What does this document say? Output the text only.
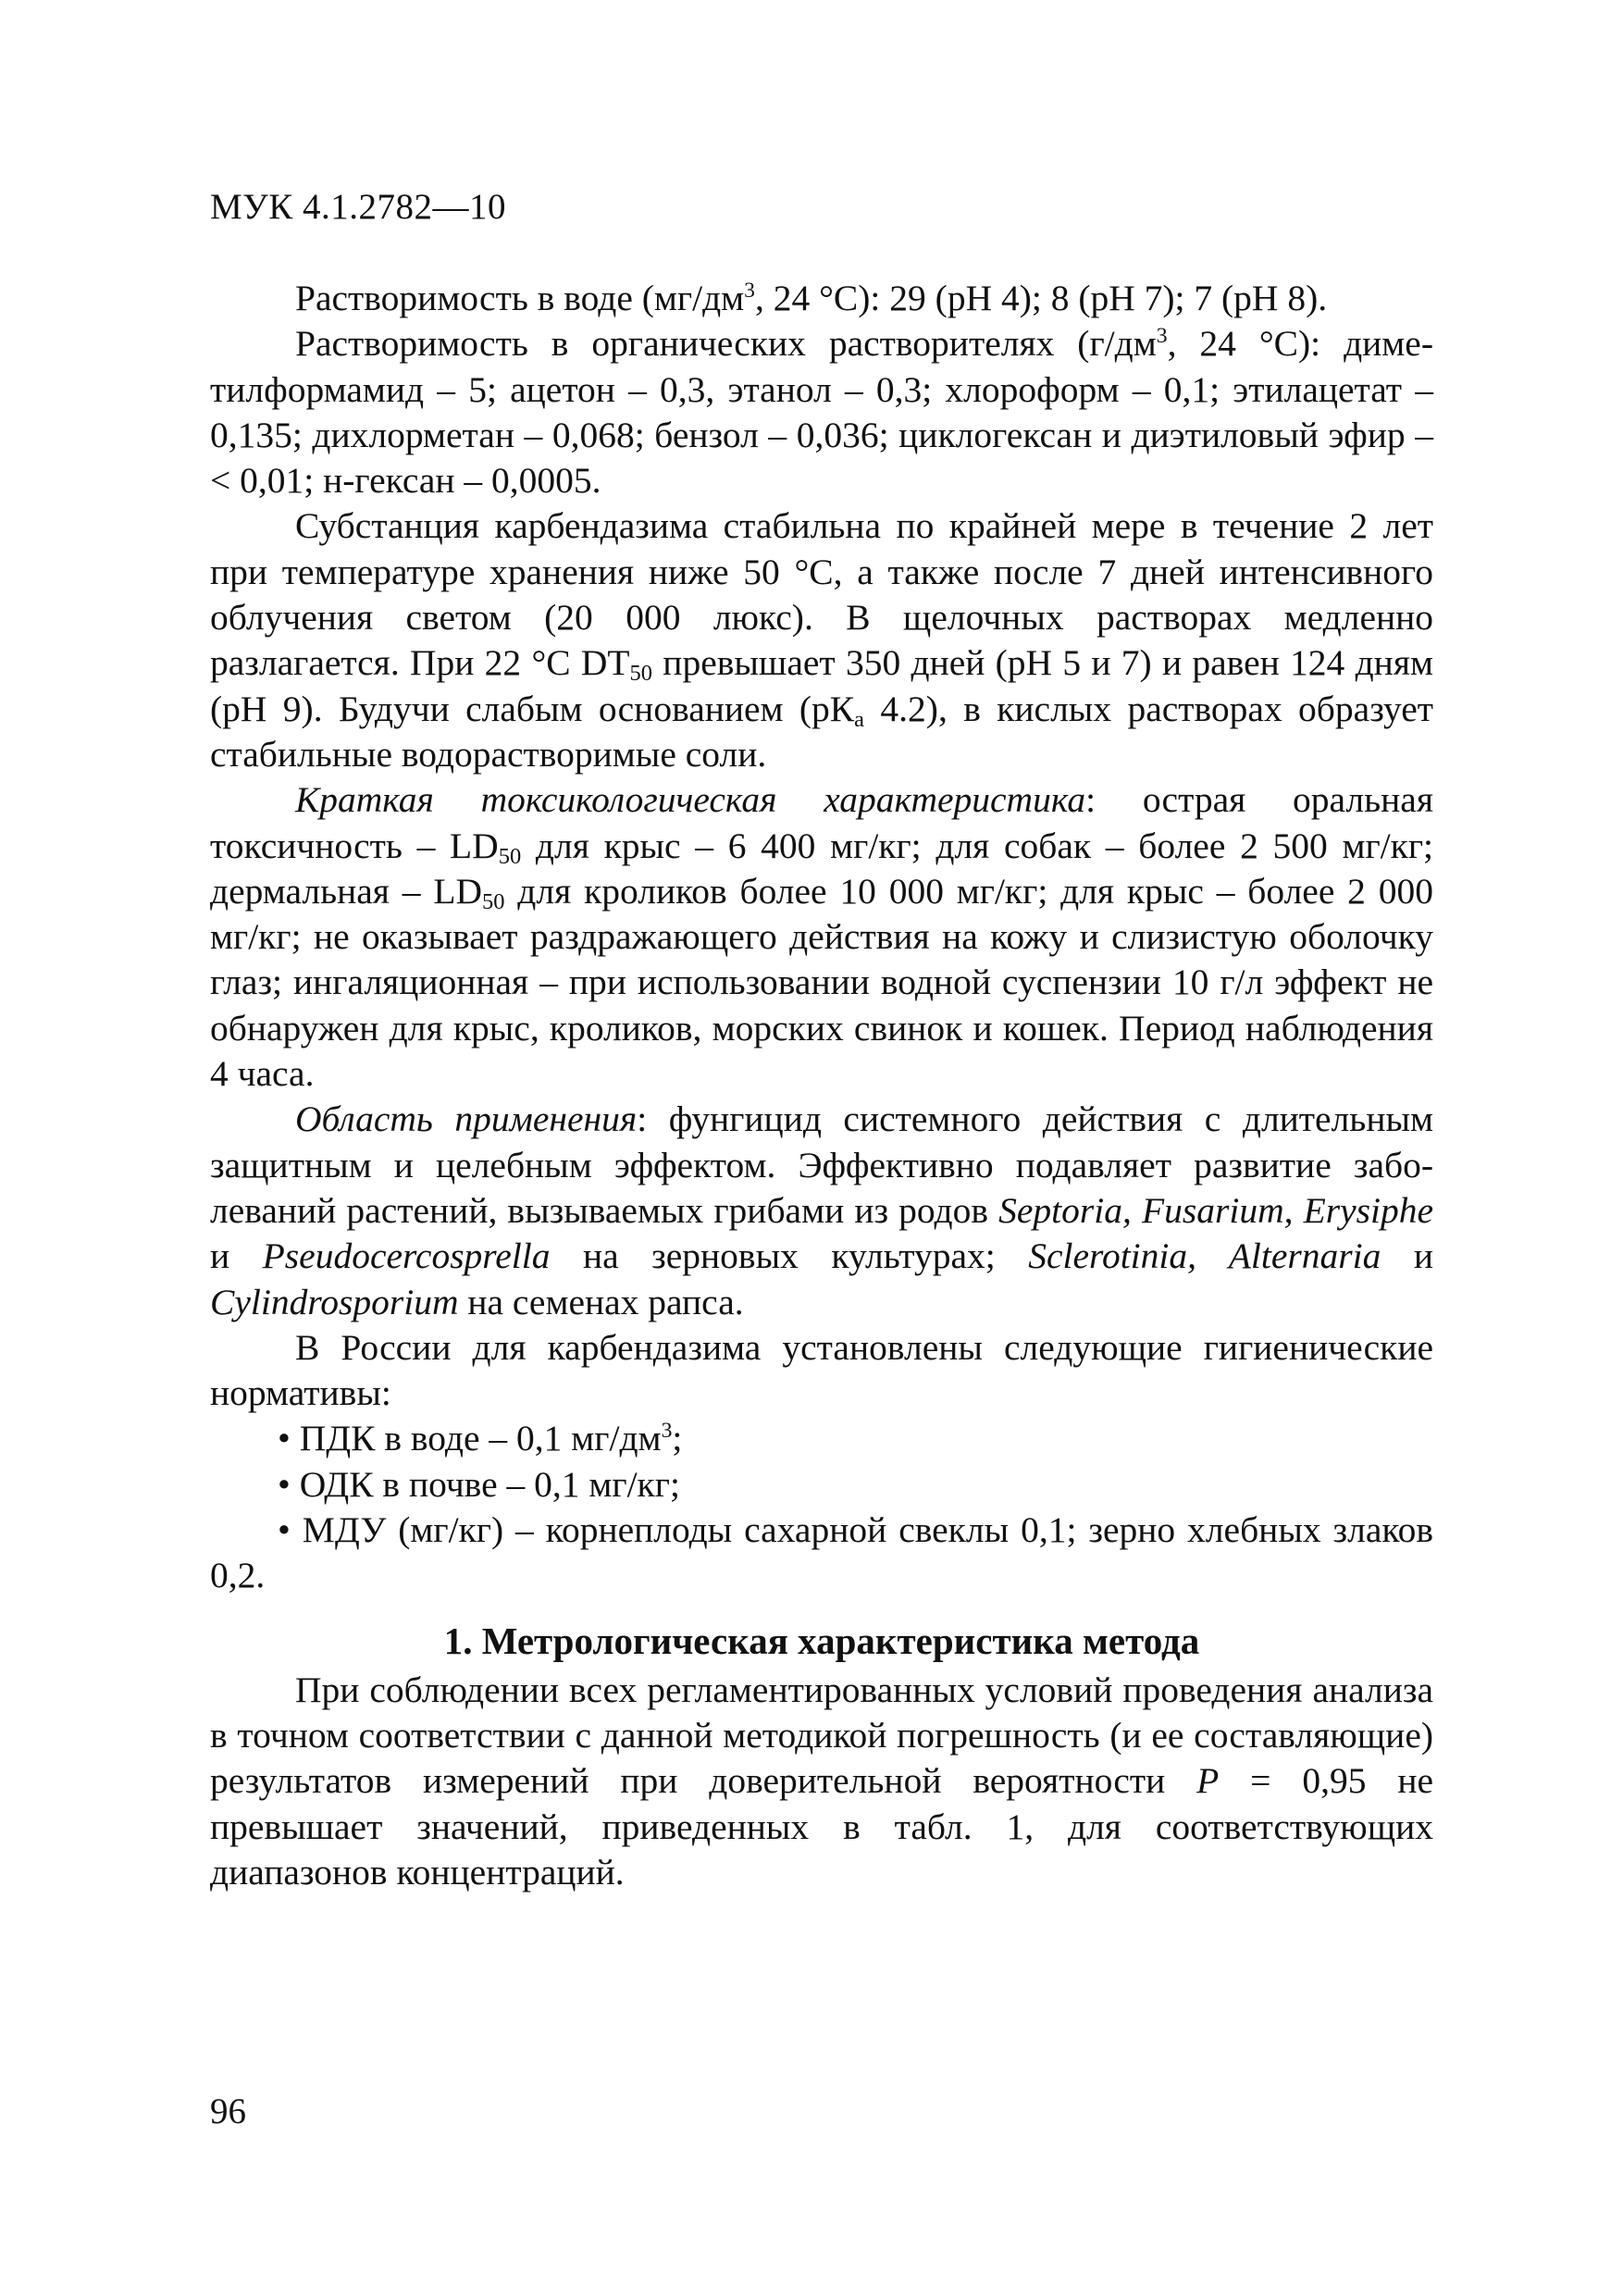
МУК 4.1.2782—10

Растворимость в воде ($мг/дм^3$, 24 °С): 29 (рН 4); 8 (рН 7); 7 (рН 8).

Растворимость в органических растворителях ($г/дм^3$, 24 °С): диметилформамид – 5; ацетон – 0,3, этанол – 0,3; хлороформ – 0,1; этилацетат – 0,135; дихлорметан – 0,068; бензол – 0,036; циклогексан и диэтиловый эфир – < 0,01; н-гексан – 0,0005.

Субстанция карбендазима стабильна по крайней мере в течение 2 лет при температуре хранения ниже 50 °С, а также после 7 дней интенсивного облучения светом (20 000 люкс). В щелочных растворах медленно разлагается. При 22 °С $DT_{50}$ превышает 350 дней (рН 5 и 7) и равен 124 дням (рН 9). Будучи слабым основанием ($рК_а$ 4.2), в кислых растворах образует стабильные водорастворимые соли.

Краткая токсикологическая характеристика: острая оральная токсичность – $LD_{50}$ для крыс – 6 400 мг/кг; для собак – более 2 500 мг/кг; дермальная – $LD_{50}$ для кроликов более 10 000 мг/кг; для крыс – более 2 000 мг/кг; не оказывает раздражающего действия на кожу и слизистую оболочку глаз; ингаляционная – при использовании водной суспензии 10 г/л эффект не обнаружен для крыс, кроликов, морских свинок и кошек. Период наблюдения 4 часа.

Область применения: фунгицид системного действия с длительным защитным и целебным эффектом. Эффективно подавляет развитие заболеваний растений, вызываемых грибами из родов Septoria, Fusarium, Erysiphe и Pseudocercosprella на зерновых культурах; Sclerotinia, Alternaria и Cylindrosporium на семенах рапса.

В России для карбендазима установлены следующие гигиенические нормативы:

• ПДК в воде – 0,1 $мг/дм^3$;

• ОДК в почве – 0,1 мг/кг;

• МДУ (мг/кг) – корнеплоды сахарной свеклы 0,1; зерно хлебных злаков 0,2.

1. Метрологическая характеристика метода

При соблюдении всех регламентированных условий проведения анализа в точном соответствии с данной методикой погрешность (и ее составляющие) результатов измерений при доверительной вероятности Р = 0,95 не превышает значений, приведенных в табл. 1, для соответствующих диапазонов концентраций.

96
